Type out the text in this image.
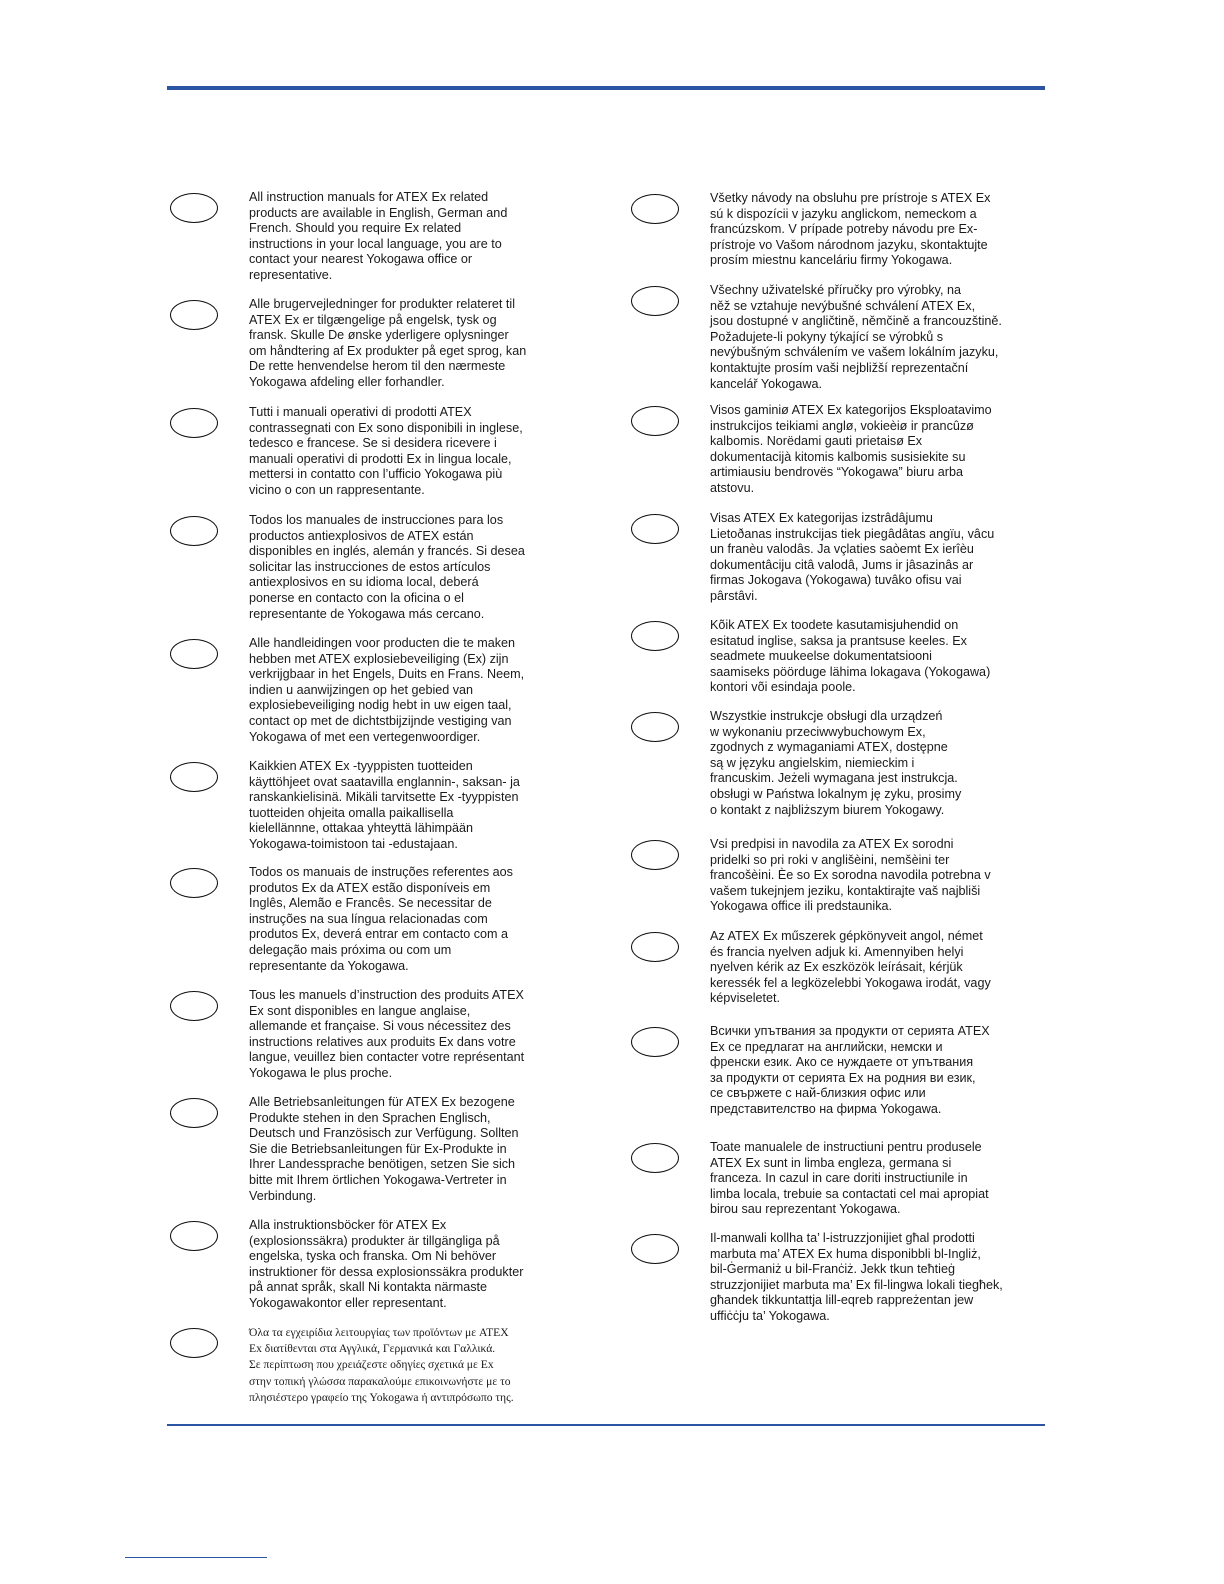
All instruction manuals for ATEX Ex related
products are available in English, German and
French. Should you require Ex related
instructions in your local language, you are to
contact your nearest Yokogawa office or
representative.
Alle brugervejledninger for produkter relateret til
ATEX Ex er tilgængelige på engelsk, tysk og
fransk. Skulle De ønske yderligere oplysninger
om håndtering af Ex produkter på eget sprog, kan
De rette henvendelse herom til den nærmeste
Yokogawa afdeling eller forhandler.
Tutti i manuali operativi di prodotti ATEX
contrassegnati con Ex sono disponibili in inglese,
tedesco e francese. Se si desidera ricevere i
manuali operativi di prodotti Ex in lingua locale,
mettersi in contatto con l’ufficio Yokogawa più
vicino o con un rappresentante.
Todos los manuales de instrucciones para los
productos antiexplosivos de ATEX están
disponibles en inglés, alemán y francés. Si desea
solicitar las instrucciones de estos artículos
antiexplosivos en su idioma local, deberá
ponerse en contacto con la oficina o el
representante de Yokogawa más cercano.
Alle handleidingen voor producten die te maken
hebben met ATEX explosiebeveiliging (Ex) zijn
verkrijgbaar in het Engels, Duits en Frans. Neem,
indien u aanwijzingen op het gebied van
explosiebeveiliging nodig hebt in uw eigen taal,
contact op met de dichtstbijzijnde vestiging van
Yokogawa of met een vertegenwoordiger.
Kaikkien ATEX Ex -tyyppisten tuotteiden
käyttöhjeet ovat saatavilla englannin-, saksan- ja
ranskankielisinä. Mikäli tarvitsette Ex -tyyppisten
tuotteiden ohjeita omalla paikallisella
kielellännne, ottakaa yhteyttä lähimpään
Yokogawa-toimistoon tai -edustajaan.
Todos os manuais de instruções referentes aos
produtos Ex da ATEX estão disponíveis em
Inglês, Alemão e Francês. Se necessitar de
instruções na sua língua relacionadas com
produtos Ex, deverá entrar em contacto com a
delegação mais próxima ou com um
representante da Yokogawa.
Tous les manuels d’instruction des produits ATEX
Ex sont disponibles en langue anglaise,
allemande et française. Si vous nécessitez des
instructions relatives aux produits Ex dans votre
langue, veuillez bien contacter votre représentant
Yokogawa le plus proche.
Alle Betriebsanleitungen für ATEX Ex bezogene
Produkte stehen in den Sprachen Englisch,
Deutsch und Französisch zur Verfügung. Sollten
Sie die Betriebsanleitungen für Ex-Produkte in
Ihrer Landessprache benötigen, setzen Sie sich
bitte mit Ihrem örtlichen Yokogawa-Vertreter in
Verbindung.
Alla instruktionsböcker för ATEX Ex
(explosionssäkra) produkter är tillgängliga på
engelska, tyska och franska. Om Ni behöver
instruktioner för dessa explosionssäkra produkter
på annat språk, skall Ni kontakta närmaste
Yokogawakontor eller representant.
Όλα τα εγχειρίδια λειτουργίας των προϊόντων με ATEX
Ex διατίθενται στα Αγγλικά, Γερμανικά και Γαλλικά.
Σε περίπτωση που χρειάζεστε οδηγίες σχετικά με Ex
στην τοπική γλώσσα παρακαλούμε επικοινωνήστε με το
πλησιέστερο γραφείο της Yokogawa ή αντιπρόσωπο της.
Všetky návody na obsluhu pre prístroje s ATEX Ex
sú k dispozícii v jazyku anglickom, nemeckom a
francúzskom. V prípade potreby návodu pre Ex-
prístroje vo Vašom národnom jazyku, skontaktujte
prosím miestnu kanceláriu firmy Yokogawa.
Všechny uživatelské příručky pro výrobky, na
něž se vztahuje nevýbušné schválení ATEX Ex,
jsou dostupné v angličtině, němčině a francouzštině.
Požadujete-li pokyny týkající se výrobků s
nevýbušným schválením ve vašem lokálním jazyku,
kontaktujte prosím vaši nejbližší reprezentační
kancelář Yokogawa.
Visos gaminiø ATEX Ex kategorijos Eksploatavimo
instrukcijos teikiami anglø, vokieèiø ir prancûzø
kalbomis. Norëdami gauti prietaisø Ex
dokumentacijà kitomis kalbomis susisiekite su
artimiausiu bendrovës “Yokogawa” biuru arba
atstovu.
Visas ATEX Ex kategorijas izstrâdâjumu
Lietoðanas instrukcijas tiek piegâdâtas angïu, vâcu
un franèu valodâs. Ja vçlaties saòemt Ex ierîèu
dokumentâciju citâ valodâ, Jums ir jâsazinâs ar
firmas Jokogava (Yokogawa) tuvâko ofisu vai
pârstâvi.
Kõik ATEX Ex toodete kasutamisjuhendid on
esitatud inglise, saksa ja prantsuse keeles. Ex
seadmete muukeelse dokumentatsiooni
saamiseks pöörduge lähima lokagava (Yokogawa)
kontori või esindaja poole.
Wszystkie instrukcje obsługi dla urządzeń
w wykonaniu przeciwwybuchowym Ex,
zgodnych z wymaganiami ATEX, dostępne
są w języku angielskim, niemieckim i
francuskim. Jeżeli wymagana jest instrukcja.
obsługi w Państwa lokalnym ję zyku, prosimy
o kontakt z najbliższym biurem Yokogawy.
Vsi predpisi in navodila za ATEX Ex sorodni
pridelki so pri roki v anglišèini, nemšèini ter
francošèini. Èe so Ex sorodna navodila potrebna v
vašem tukejnjem jeziku, kontaktirajte vaš najbliši
Yokogawa office ili predstaunika.
Az ATEX Ex műszerek gépkönyveit angol, német
és francia nyelven adjuk ki. Amennyiben helyi
nyelven kérik az Ex eszközök leírásait, kérjük
keressék fel a legközelebbi Yokogawa irodát, vagy
képviseletet.
Всички упътвания за продукти от серията ATEX
Ex се предлагат на английски, немски и
френски език. Ако се нуждаете от упътвания
за продукти от серията Ex на родния ви език,
се свържете с най-близкия офис или
представителство на фирма Yokogawa.
Toate manualele de instructiuni pentru produsele
ATEX Ex sunt in limba engleza, germana si
franceza. In cazul in care doriti instructiunile in
limba locala, trebuie sa contactati cel mai apropiat
birou sau reprezentant Yokogawa.
Il-manwali kollha ta’ l-istruzzjonijiet għal prodotti
marbuta ma’ ATEX Ex huma disponibbli bl-Ingliż,
bil-Ġermaniż u bil-Franċiż. Jekk tkun teħtieġ
struzzjonijiet marbuta ma’ Ex fil-lingwa lokali tiegħek,
għandek tikkuntattja lill-eqreb rappreżentan jew
uffiċċju ta’ Yokogawa.
